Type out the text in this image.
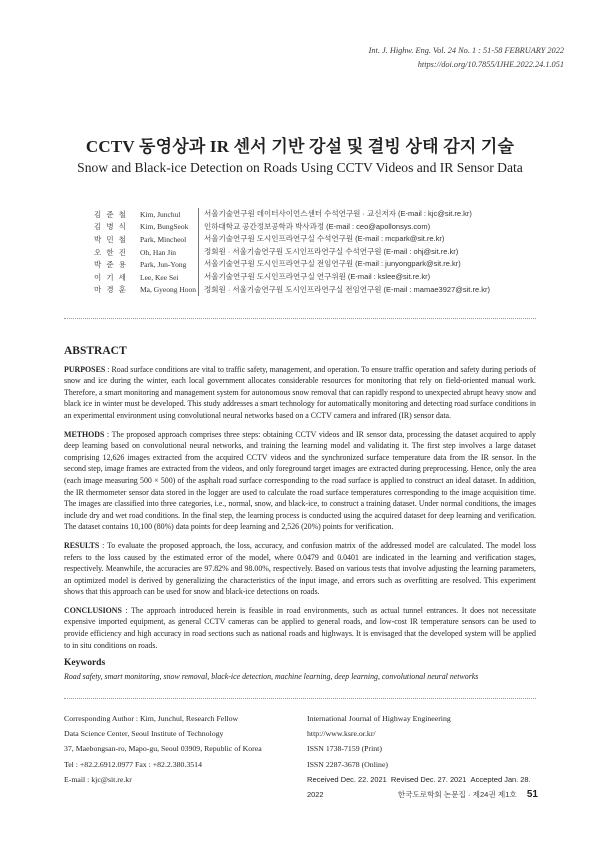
Int. J. Highw. Eng. Vol. 24 No. 1 : 51-58 FEBRUARY 2022
https://doi.org/10.7855/IJHE.2022.24.1.051
CCTV 동영상과 IR 센서 기반 강설 및 결빙 상태 감지 기술
Snow and Black-ice Detection on Roads Using CCTV Videos and IR Sensor Data
김 준 철	Kim, Junchul	서울기술연구원 데이터사이언스센터 수석연구원 · 교신저자 (E-mail : kjc@sit.re.kr)
김 병 식	Kim, BungSeok	인하대학교 공간정보공학과 박사과정 (E-mail : ceo@apollonsys.com)
박 민 철	Park, Mincheol	서울기술연구원 도시인프라연구실 수석연구원 (E-mail : mcpark@sit.re.kr)
오 한 진	Oh, Han Jin	정회원 · 서울기술연구원 도시인프라연구실 수석연구원 (E-mail : ohj@sit.re.kr)
박 준 용	Park, Jun-Yong	서울기술연구원 도시인프라연구실 전임연구원 (E-mail : junyongpark@sit.re.kr)
이 기 세	Lee, Kee Sei	서울기술연구원 도시인프라연구실 연구위원 (E-mail : kslee@sit.re.kr)
마 경 훈	Ma, Gyeong Hoon	정회원 · 서울기술연구원 도시인프라연구실 전임연구원 (E-mail : mamae3927@sit.re.kr)
ABSTRACT

PURPOSES : Road surface conditions are vital to traffic safety, management, and operation. To ensure traffic operation and safety during periods of snow and ice during the winter, each local government allocates considerable resources for monitoring that rely on field-oriented manual work. Therefore, a smart monitoring and management system for autonomous snow removal that can rapidly respond to unexpected abrupt heavy snow and black ice in winter must be developed. This study addresses a smart technology for automatically monitoring and detecting road surface conditions in an experimental environment using convolutional neural networks based on a CCTV camera and infrared (IR) sensor data.

METHODS : The proposed approach comprises three steps: obtaining CCTV videos and IR sensor data, processing the dataset acquired to apply deep learning based on convolutional neural networks, and training the learning model and validating it. The first step involves a large dataset comprising 12,626 images extracted from the acquired CCTV videos and the synchronized surface temperature data from the IR sensor. In the second step, image frames are extracted from the videos, and only foreground target images are extracted during preprocessing. Hence, only the area (each image measuring 500 × 500) of the asphalt road surface corresponding to the road surface is applied to construct an ideal dataset. In addition, the IR thermometer sensor data stored in the logger are used to calculate the road surface temperatures corresponding to the image acquisition time. The images are classified into three categories, i.e., normal, snow, and black-ice, to construct a training dataset. Under normal conditions, the images include dry and wet road conditions. In the final step, the learning process is conducted using the acquired dataset for deep learning and verification. The dataset contains 10,100 (80%) data points for deep learning and 2,526 (20%) points for verification.

RESULTS : To evaluate the proposed approach, the loss, accuracy, and confusion matrix of the addressed model are calculated. The model loss refers to the loss caused by the estimated error of the model, where 0.0479 and 0.0401 are indicated in the learning and verification stages, respectively. Meanwhile, the accuracies are 97.82% and 98.00%, respectively. Based on various tests that involve adjusting the learning parameters, an optimized model is derived by generalizing the characteristics of the input image, and errors such as overfitting are resolved. This experiment shows that this approach can be used for snow and black-ice detections on roads.

CONCLUSIONS : The approach introduced herein is feasible in road environments, such as actual tunnel entrances. It does not necessitate expensive imported equipment, as general CCTV cameras can be applied to general roads, and low-cost IR temperature sensors can be used to provide efficiency and high accuracy in road sections such as national roads and highways. It is envisaged that the developed system will be applied to in situ conditions on roads.

Keywords
Road safety, smart monitoring, snow removal, black-ice detection, machine learning, deep learning, convolutional neural networks
Corresponding Author : Kim, Junchul, Research Fellow
Data Science Center, Seoul Institute of Technology
37, Maebongsan-ro, Mapo-gu, Seoul 03909, Republic of Korea
Tel : +82.2.6912.0977 Fax : +82.2.380.3514
E-mail : kjc@sit.re.kr
International Journal of Highway Engineering
http://www.ksre.or.kr/
ISSN 1738-7159 (Print)
ISSN 2287-3678 (Online)
Received Dec. 22. 2021 Revised Dec. 27. 2021 Accepted Jan. 28. 2022	한국도로학회 논문집 · 제24권 제1호 51
